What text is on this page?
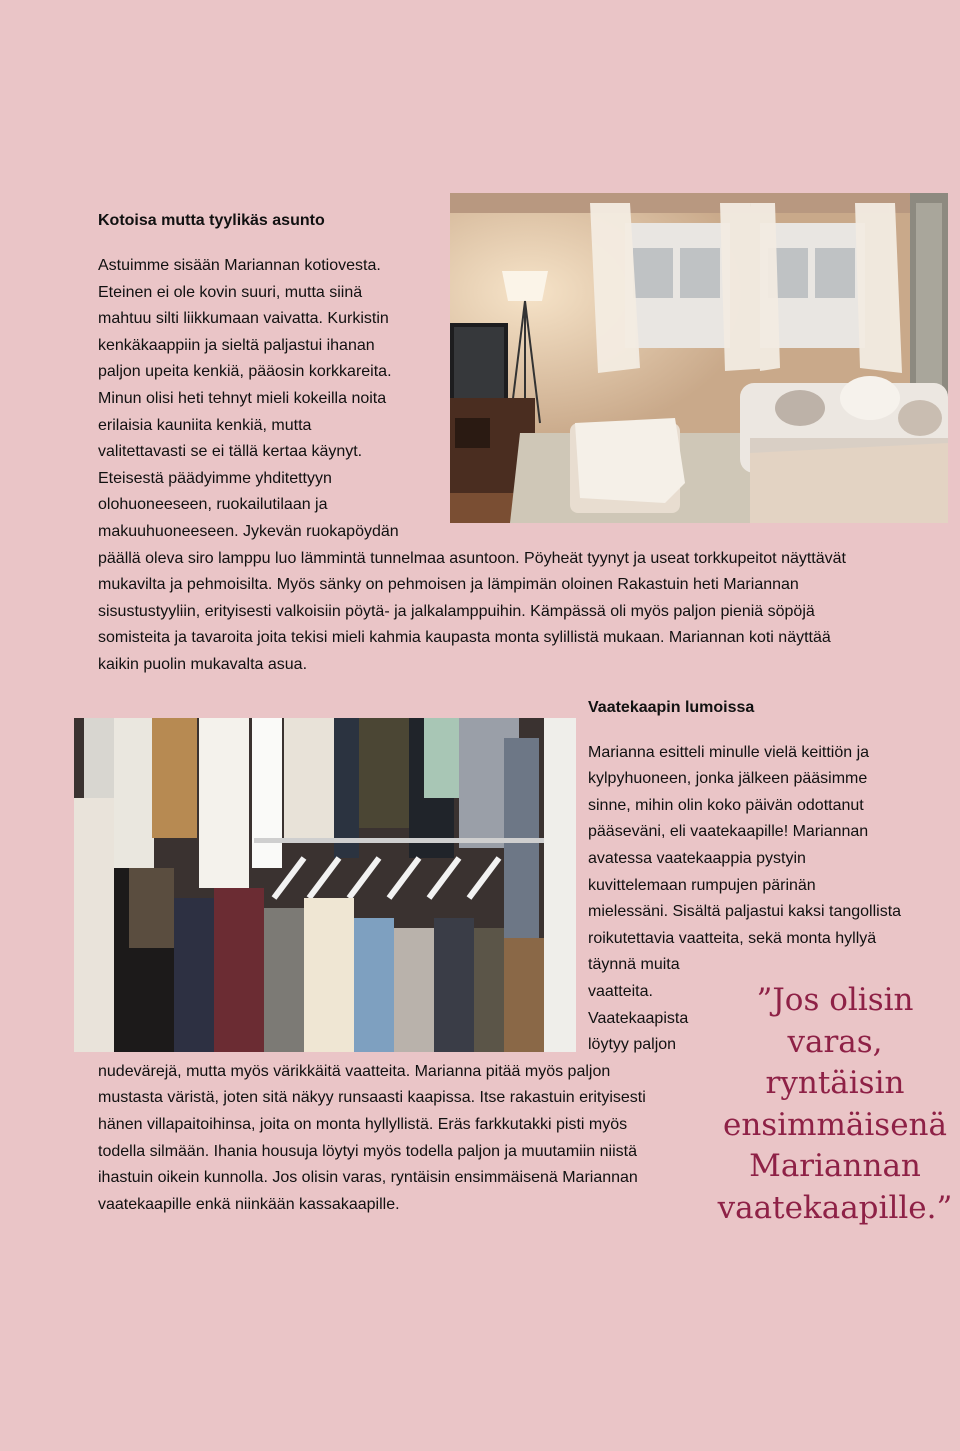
Kotoisa mutta tyylikäs asunto
Astuimme sisään Mariannan kotiovesta.
Eteinen ei ole kovin suuri, mutta siinä
mahtuu silti liikkumaan vaivatta. Kurkistin
kenkäkaappiin ja sieltä paljastui ihanan
paljon upeita kenkiä, pääosin korkkareita.
Minun olisi heti tehnyt mieli kokeilla noita
erilaisia kauniita kenkiä, mutta
valitettavasti se ei tällä kertaa käynyt.
Eteisestä päädyimme yhditettyyn
olohuoneeseen, ruokailutilaan ja
makuuhuoneeseen. Jykevän ruokapöydän
päällä oleva siro lamppu luo lämmintä tunnelmaa asuntoon. Pöyheät tyynyt ja useat torkkupeitot näyttävät
mukavilta ja pehmoisilta. Myös sänky on pehmoisen ja lämpimän oloinen Rakastuin heti Mariannan
sisustustyyliin, erityisesti valkoisiin pöytä- ja jalkalamppuihin. Kämpässä oli myös paljon pieniä söpöjä
somisteita ja tavaroita joita tekisi mieli kahmia kaupasta monta sylillistä mukaan. Mariannan koti näyttää
kaikin puolin mukavalta asua.
Vaatekaapin lumoissa
Marianna esitteli minulle vielä keittiön ja
kylpyhuoneen, jonka jälkeen pääsimme
sinne, mihin olin koko päivän odottanut
pääseväni, eli vaatekaapille! Mariannan
avatessa vaatekaappia pystyin
kuvittelemaan rumpujen pärinän
mielessäni. Sisältä paljastui kaksi tangollista
roikutettavia vaatteita, sekä monta hyllyä
täynnä muita
vaatteita.
Vaatekaapista
löytyy paljon
nudevärejä, mutta myös värikkäitä vaatteita. Marianna pitää myös paljon
mustasta väristä, joten sitä näkyy runsaasti kaapissa. Itse rakastuin erityisesti
hänen villapaitoihinsa, joita on monta hyllyllistä. Eräs farkkutakki pisti myös
todella silmään. Ihania housuja löytyi myös todella paljon ja muutamiin niistä
ihastuin oikein kunnolla. Jos olisin varas, ryntäisin ensimmäisenä Mariannan
vaatekaapille enkä niinkään kassakaapille.
”Jos olisin
varas,
ryntäisin
ensimmäisenä
Mariannan
vaatekaapille.”
